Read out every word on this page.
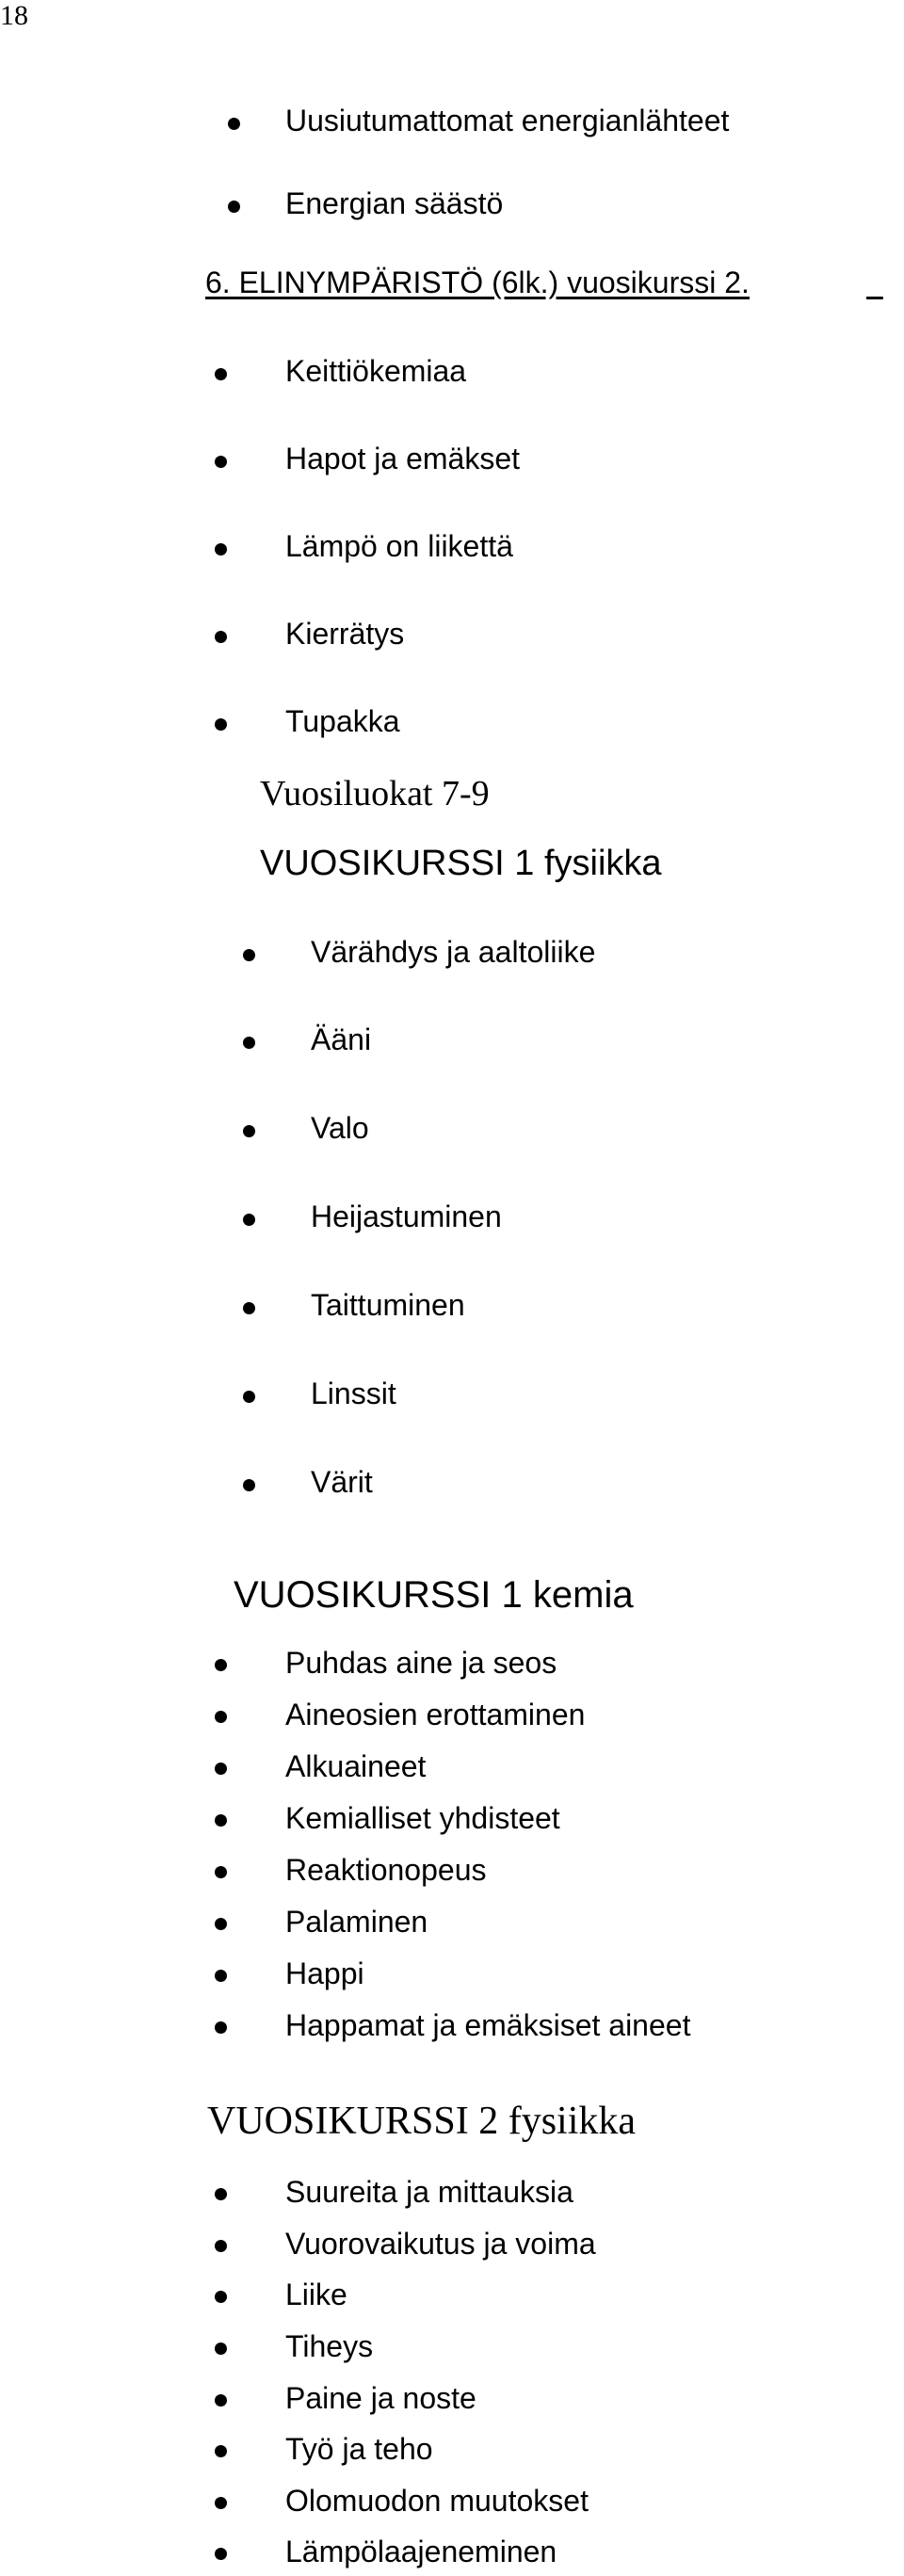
18
Uusiutumattomat energianlähteet
Energian säästö
6. ELINYMPÄRISTÖ (6lk.) vuosikurssi 2.

Keittiökemiaa
Hapot ja emäkset
Lämpö on liikettä
Kierrätys
Tupakka
Vuosiluokat 7-9
VUOSIKURSSI 1 fysiikka
Värähdys ja aaltoliike
Ääni
Valo
Heijastuminen
Taittuminen
Linssit
Värit
VUOSIKURSSI 1 kemia
Puhdas aine ja seos
Aineosien erottaminen
Alkuaineet
Kemialliset yhdisteet
Reaktionopeus
Palaminen
Happi
Happamat ja emäksiset aineet
VUOSIKURSSI 2 fysiikka
Suureita ja mittauksia
Vuorovaikutus ja voima
Liike
Tiheys
Paine ja noste
Työ ja teho
Olomuodon muutokset
Lämpölaajeneminen
